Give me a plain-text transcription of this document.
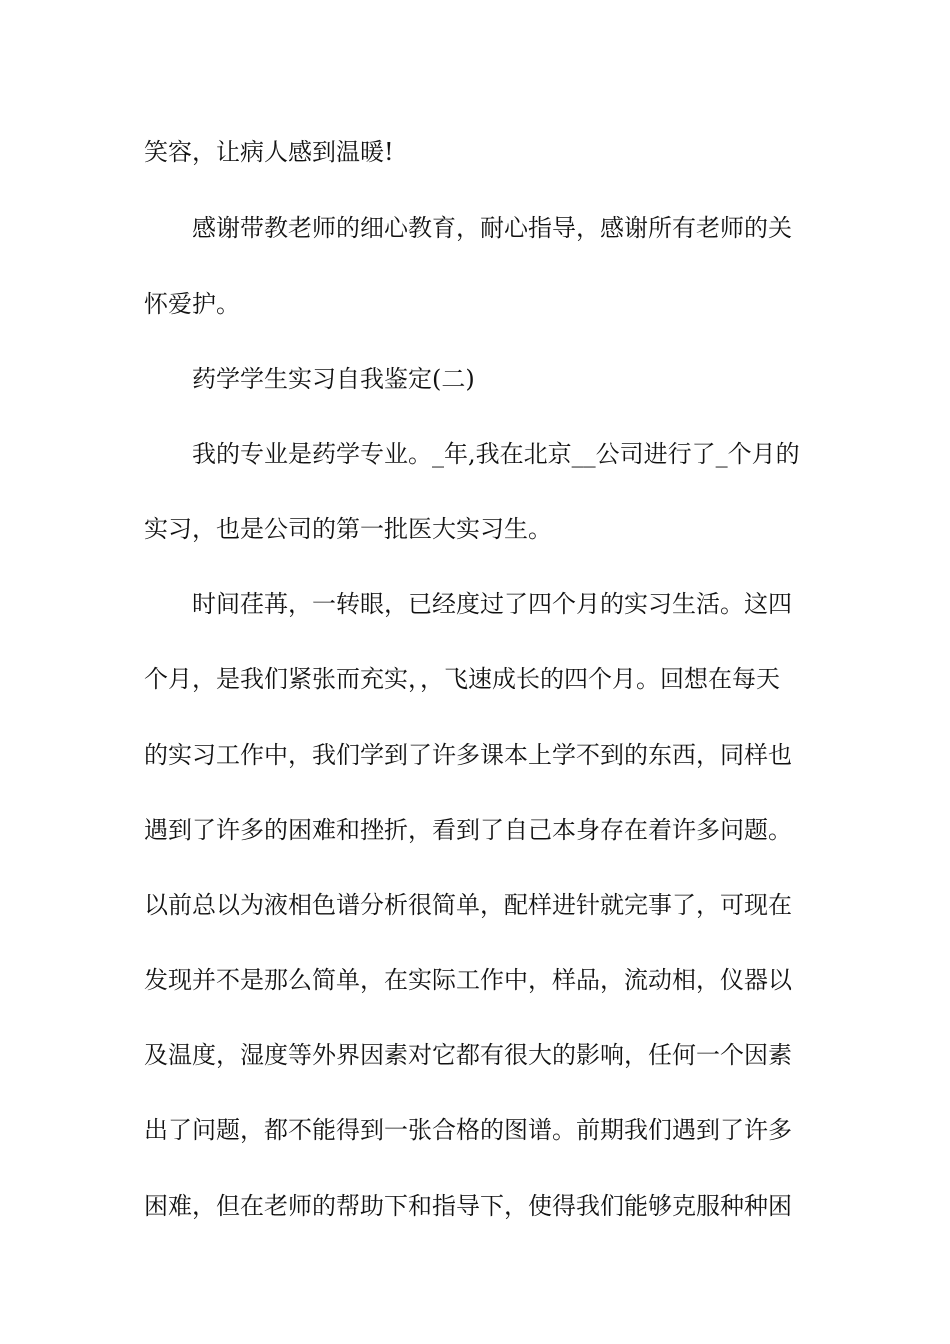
笑容，让病人感到温暖!
感谢带教老师的细心教育，耐心指导，感谢所有老师的关
怀爱护。
药学学生实习自我鉴定(二)
我的专业是药学专业。_年,我在北京__公司进行了_个月的
实习，也是公司的第一批医大实习生。
时间荏苒，一转眼，已经度过了四个月的实习生活。这四
个月，是我们紧张而充实，，飞速成长的四个月。回想在每天
的实习工作中，我们学到了许多课本上学不到的东西，同样也
遇到了许多的困难和挫折，看到了自己本身存在着许多问题。
以前总以为液相色谱分析很简单，配样进针就完事了，可现在
发现并不是那么简单，在实际工作中，样品，流动相，仪器以
及温度，湿度等外界因素对它都有很大的影响，任何一个因素
出了问题，都不能得到一张合格的图谱。前期我们遇到了许多
困难，但在老师的帮助下和指导下，使得我们能够克服种种困
